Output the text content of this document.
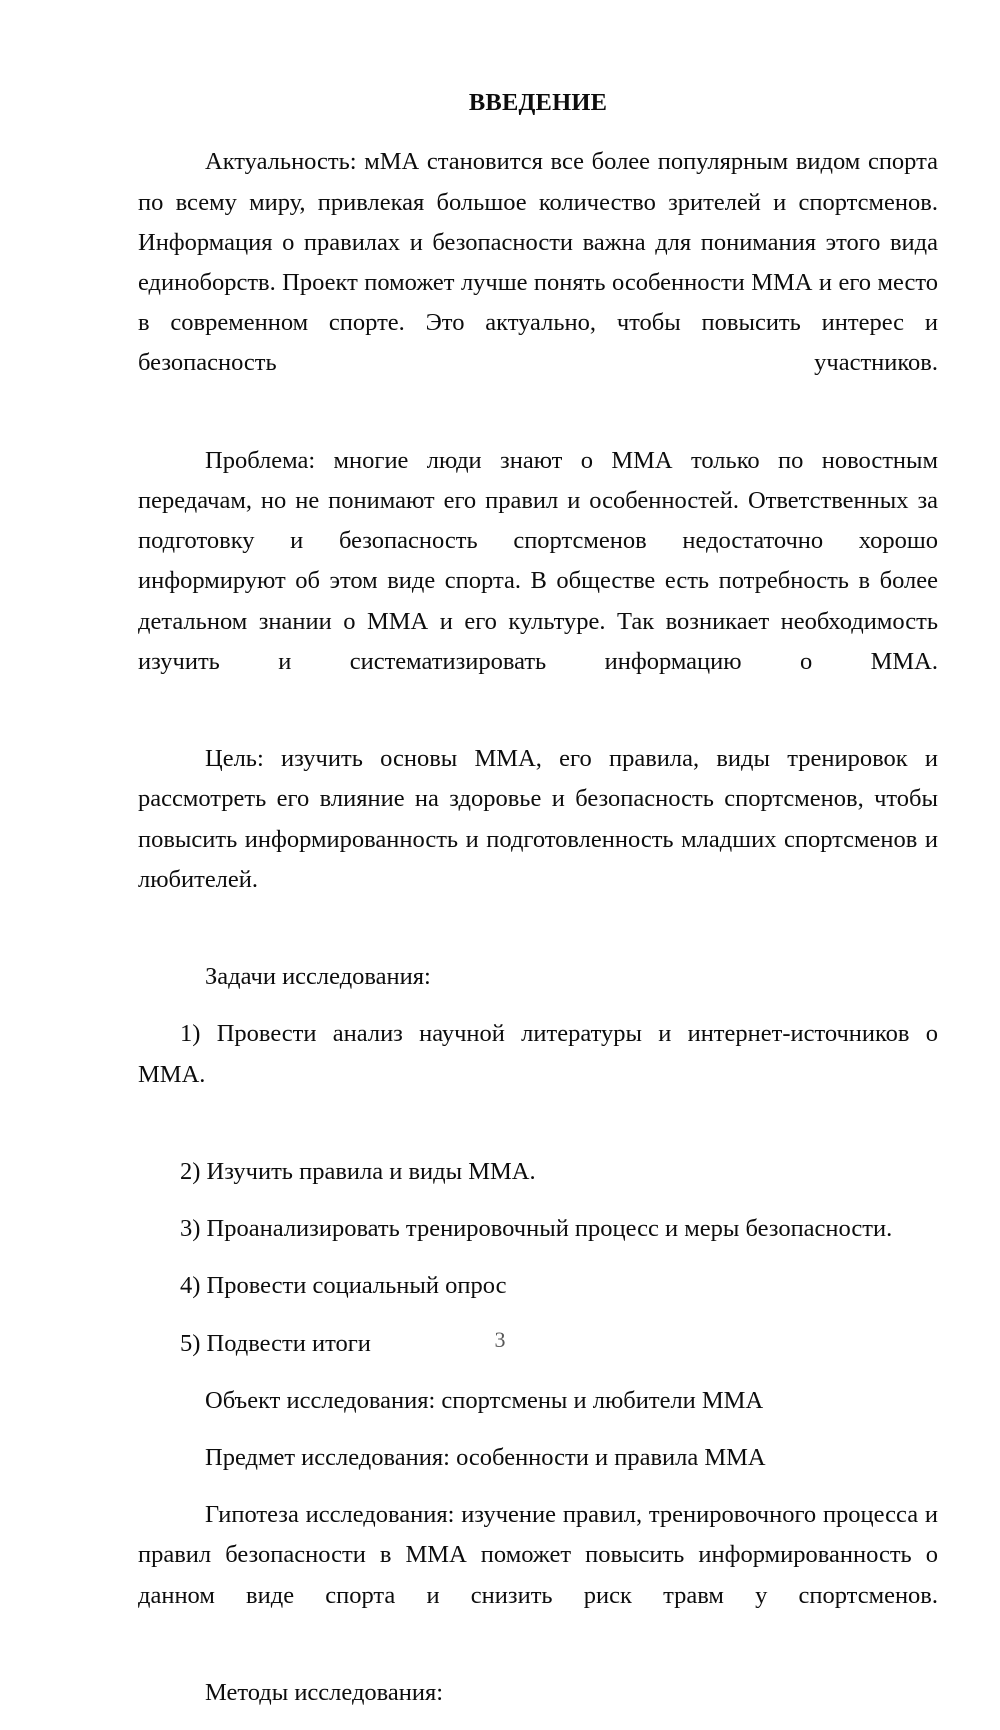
ВВЕДЕНИЕ

Актуальность: мМА становится все более популярным видом спорта по всему миру, привлекая большое количество зрителей и спортсменов. Информация о правилах и безопасности важна для понимания этого вида единоборств. Проект поможет лучше понять особенности ММА и его место в современном спорте. Это актуально, чтобы повысить интерес и безопасность участников.

Проблема: многие люди знают о ММА только по новостным передачам, но не понимают его правил и особенностей. Ответственных за подготовку и безопасность спортсменов недостаточно хорошо информируют об этом виде спорта. В обществе есть потребность в более детальном знании о ММА и его культуре. Так возникает необходимость изучить и систематизировать информацию о ММА.

Цель: изучить основы ММА, его правила, виды тренировок и рассмотреть его влияние на здоровье и безопасность спортсменов, чтобы повысить информированность и подготовленность младших спортсменов и любителей.

Задачи исследования:

1) Провести анализ научной литературы и интернет-источников о ММА.

2) Изучить правила и виды ММА.

3) Проанализировать тренировочный процесс и меры безопасности.

4) Провести социальный опрос

5) Подвести итоги

Объект исследования: спортсмены и любители ММА

Предмет исследования: особенности и правила ММА

Гипотеза исследования: изучение правил, тренировочного процесса и правил безопасности в ММА поможет повысить информированность о данном виде спорта и снизить риск травм у спортсменов.

Методы исследования:

3
